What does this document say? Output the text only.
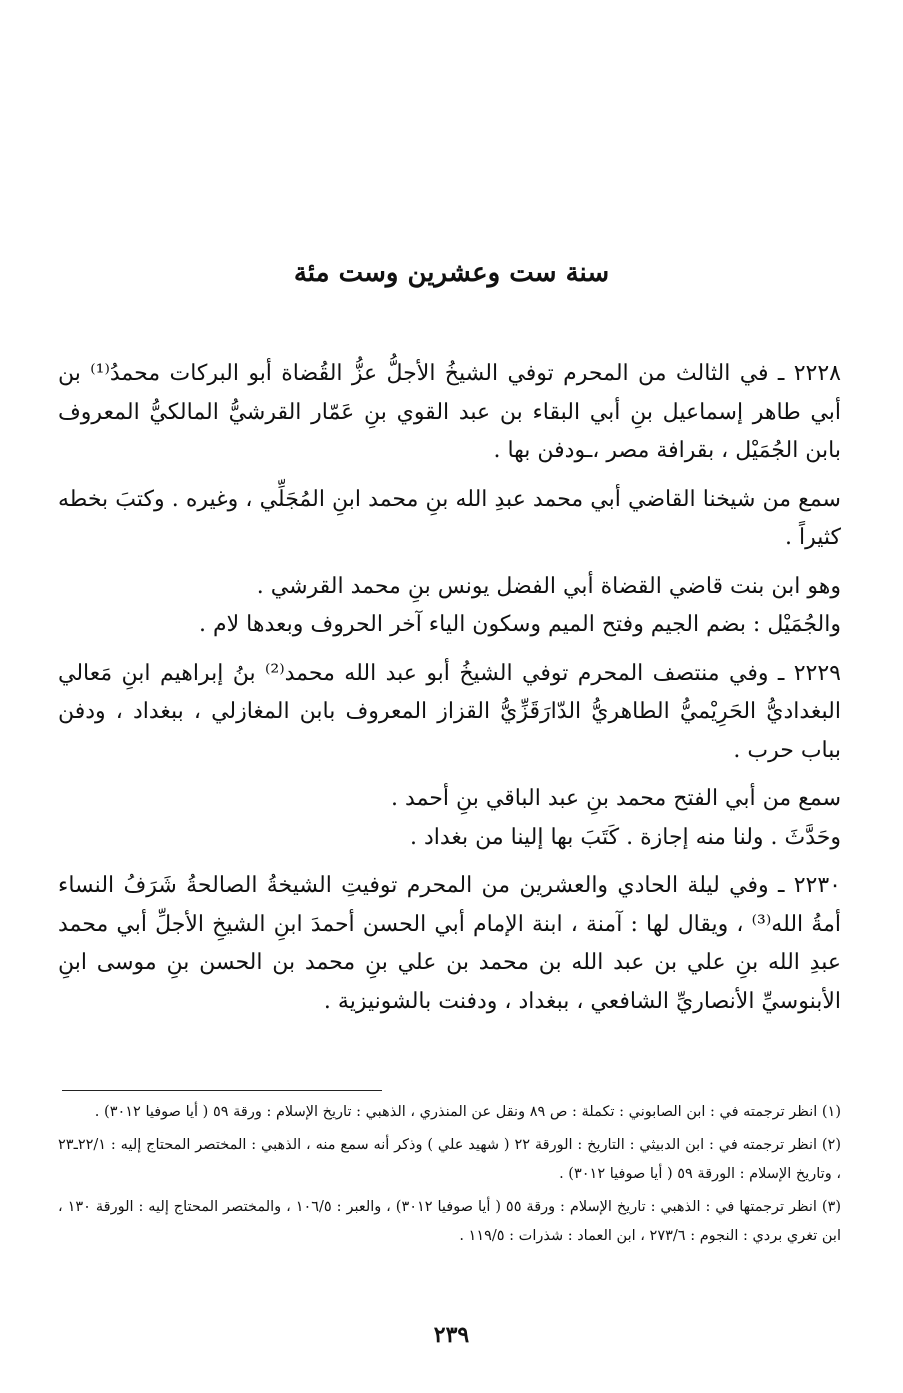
سنة ست وعشرين وست مئة

٢٢٢٨ ـ في الثالث من المحرم توفي الشيخُ الأجلُّ عزُّ القُضاة أبو البركات محمدُ⁽¹⁾ بن أبي طاهر إسماعيل بنِ أبي البقاء بن عبد القوي بنِ عَمّار القرشيُّ المالكيُّ المعروف بابن الجُمَيْل ، بقرافة مصر ،ـودفن بها .

سمع من شيخنا القاضي أبي محمد عبدِ الله بنِ محمد ابنِ المُجَلِّي ، وغيره . وكتبَ بخطه كثيراً .

وهو ابن بنت قاضي القضاة أبي الفضل يونس بنِ محمد القرشي .

والجُمَيْل : بضم الجيم وفتح الميم وسكون الياء آخر الحروف وبعدها لام .

٢٢٢٩ ـ وفي منتصف المحرم توفي الشيخُ أبو عبد الله محمد⁽²⁾ بنُ إبراهيم ابنِ مَعالي البغداديُّ الحَرِيْميُّ الطاهريُّ الدّارَقَزِّيُّ القزاز المعروف بابن المغازلي ، ببغداد ، ودفن بباب حرب .

سمع من أبي الفتح محمد بنِ عبد الباقي بنِ أحمد .

وحَدَّثَ . ولنا منه إجازة . كَتَبَ بها إلينا من بغداد .

٢٢٣٠ ـ وفي ليلة الحادي والعشرين من المحرم توفيتِ الشيخةُ الصالحةُ شَرَفُ النساء أمةُ الله⁽³⁾ ، ويقال لها : آمنة ، ابنة الإمام أبي الحسن أحمدَ ابنِ الشيخِ الأجلِّ أبي محمد عبدِ الله بنِ علي بن عبد الله بن محمد بن علي بنِ محمد بن الحسن بنِ موسى ابنِ الأبنوسيِّ الأنصاريِّ الشافعي ، ببغداد ، ودفنت بالشونيزية .

(١) انظر ترجمته في : ابن الصابوني : تكملة : ص ٨٩ ونقل عن المنذري ، الذهبي : تاريخ الإسلام : ورقة ٥٩ ( أيا صوفيا ٣٠١٢) .

(٢) انظر ترجمته في : ابن الدبيثي : التاريخ : الورقة ٢٢ ( شهيد علي ) وذكر أنه سمع منه ، الذهبي : المختصر المحتاج إليه : ٢٢/١ـ٢٣ ، وتاريخ الإسلام : الورقة ٥٩ ( أيا صوفيا ٣٠١٢) .

(٣) انظر ترجمتها في : الذهبي : تاريخ الإسلام : ورقة ٥٥ ( أيا صوفيا ٣٠١٢) ، والعبر : ١٠٦/٥ ، والمختصر المحتاج إليه : الورقة ١٣٠ ، ابن تغري بردي : النجوم : ٢٧٣/٦ ، ابن العماد : شذرات : ١١٩/٥ .

٢٣٩
